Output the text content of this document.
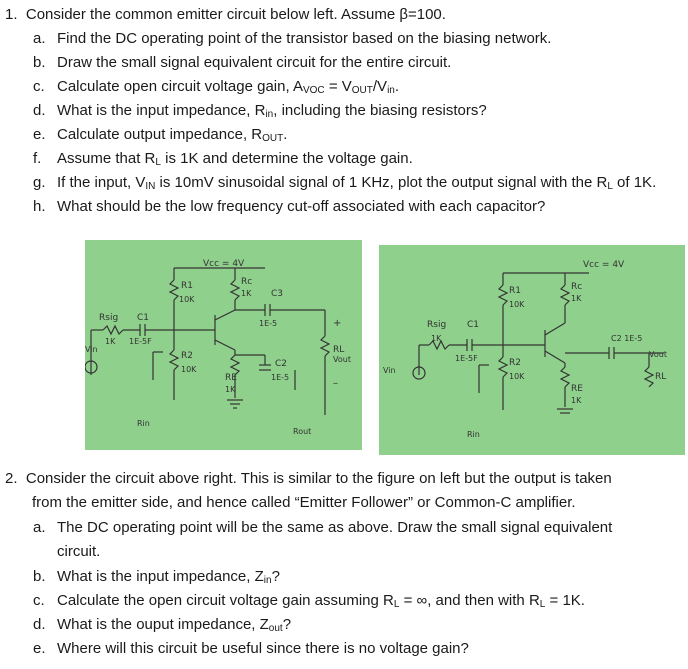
1. Consider the common emitter circuit below left. Assume β=100.
a. Find the DC operating point of the transistor based on the biasing network.
b. Draw the small signal equivalent circuit for the entire circuit.
c. Calculate open circuit voltage gain, $A_{VOC} = V_{OUT}/V_{in}$.
d. What is the input impedance, $R_{in}$, including the biasing resistors?
e. Calculate output impedance, $R_{OUT}$.
f. Assume that $R_L$ is 1K and determine the voltage gain.
g. If the input, $V_{IN}$ is 10mV sinusoidal signal of 1 KHz, plot the output signal with the $R_L$ of 1K.
h. What should be the low frequency cut-off associated with each capacitor?
Vcc = 4V
R1
10K
Rc
1K C3
1E-5	+
Rsig
1K
C1
1E-5F
R2
10K
RE
1K
C2
1E-5
RL
Vout
–
Vin
Rin
Rout
Vcc = 4V
R1
10K
Rc
1K
Rsig
1K
C1
1E-5F
C2 1E-5
Vout
R2
10K
RE
1K
RL
Vin
Rin
2. Consider the circuit above right. This is similar to the figure on left but the output is taken
from the emitter side, and hence called “Emitter Follower” or Common-C amplifier.
a. The DC operating point will be the same as above. Draw the small signal equivalent
circuit.
b. What is the input impedance, $Z_{in}$?
c. Calculate the open circuit voltage gain assuming $R_L$ = ∞, and then with $R_L = 1K$.
d. What is the ouput impedance, $Z_{out}$?
e. Where will this circuit be useful since there is no voltage gain?
